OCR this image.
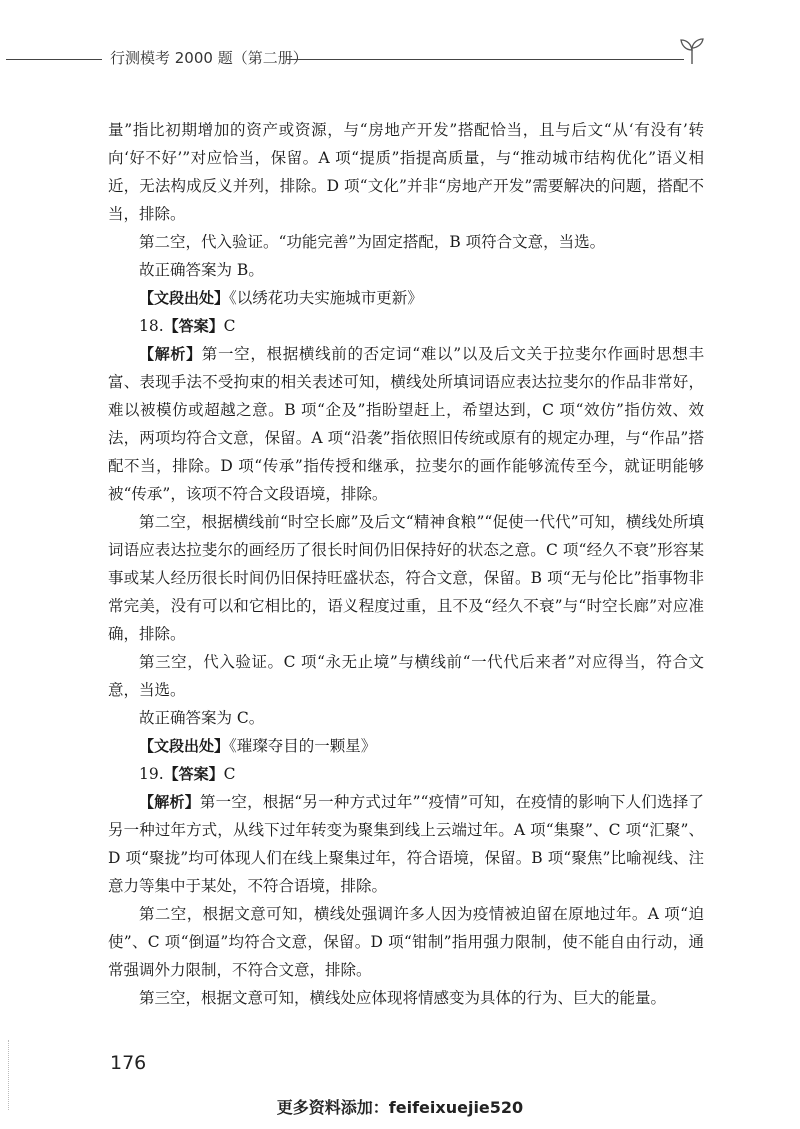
行测模考 2000 题（第二册）

量”指比初期增加的资产或资源，与“房地产开发”搭配恰当，且与后文“从‘有没有’转向‘好不好’”对应恰当，保留。A 项“提质”指提高质量，与“推动城市结构优化”语义相近，无法构成反义并列，排除。D 项“文化”并非“房地产开发”需要解决的问题，搭配不当，排除。

第二空，代入验证。“功能完善”为固定搭配，B 项符合文意，当选。

故正确答案为 B。

【文段出处】《以绣花功夫实施城市更新》

18.【答案】C

【解析】第一空，根据横线前的否定词“难以”以及后文关于拉斐尔作画时思想丰富、表现手法不受拘束的相关表述可知，横线处所填词语应表达拉斐尔的作品非常好，难以被模仿或超越之意。B 项“企及”指盼望赶上，希望达到，C 项“效仿”指仿效、效法，两项均符合文意，保留。A 项“沿袭”指依照旧传统或原有的规定办理，与“作品”搭配不当，排除。D 项“传承”指传授和继承，拉斐尔的画作能够流传至今，就证明能够被“传承”，该项不符合文段语境，排除。

第二空，根据横线前“时空长廊”及后文“精神食粮”“促使一代代”可知，横线处所填词语应表达拉斐尔的画经历了很长时间仍旧保持好的状态之意。C 项“经久不衰”形容某事或某人经历很长时间仍旧保持旺盛状态，符合文意，保留。B 项“无与伦比”指事物非常完美，没有可以和它相比的，语义程度过重，且不及“经久不衰”与“时空长廊”对应准确，排除。

第三空，代入验证。C 项“永无止境”与横线前“一代代后来者”对应得当，符合文意，当选。

故正确答案为 C。

【文段出处】《璀璨夺目的一颗星》

19.【答案】C

【解析】第一空，根据“另一种方式过年”“疫情”可知，在疫情的影响下人们选择了另一种过年方式，从线下过年转变为聚集到线上云端过年。A 项“集聚”、C 项“汇聚”、D 项“聚拢”均可体现人们在线上聚集过年，符合语境，保留。B 项“聚焦”比喻视线、注意力等集中于某处，不符合语境，排除。

第二空，根据文意可知，横线处强调许多人因为疫情被迫留在原地过年。A 项“迫使”、C 项“倒逼”均符合文意，保留。D 项“钳制”指用强力限制，使不能自由行动，通常强调外力限制，不符合文意，排除。

第三空，根据文意可知，横线处应体现将情感变为具体的行为、巨大的能量。

176
更多资料添加：feifeixuejie520
